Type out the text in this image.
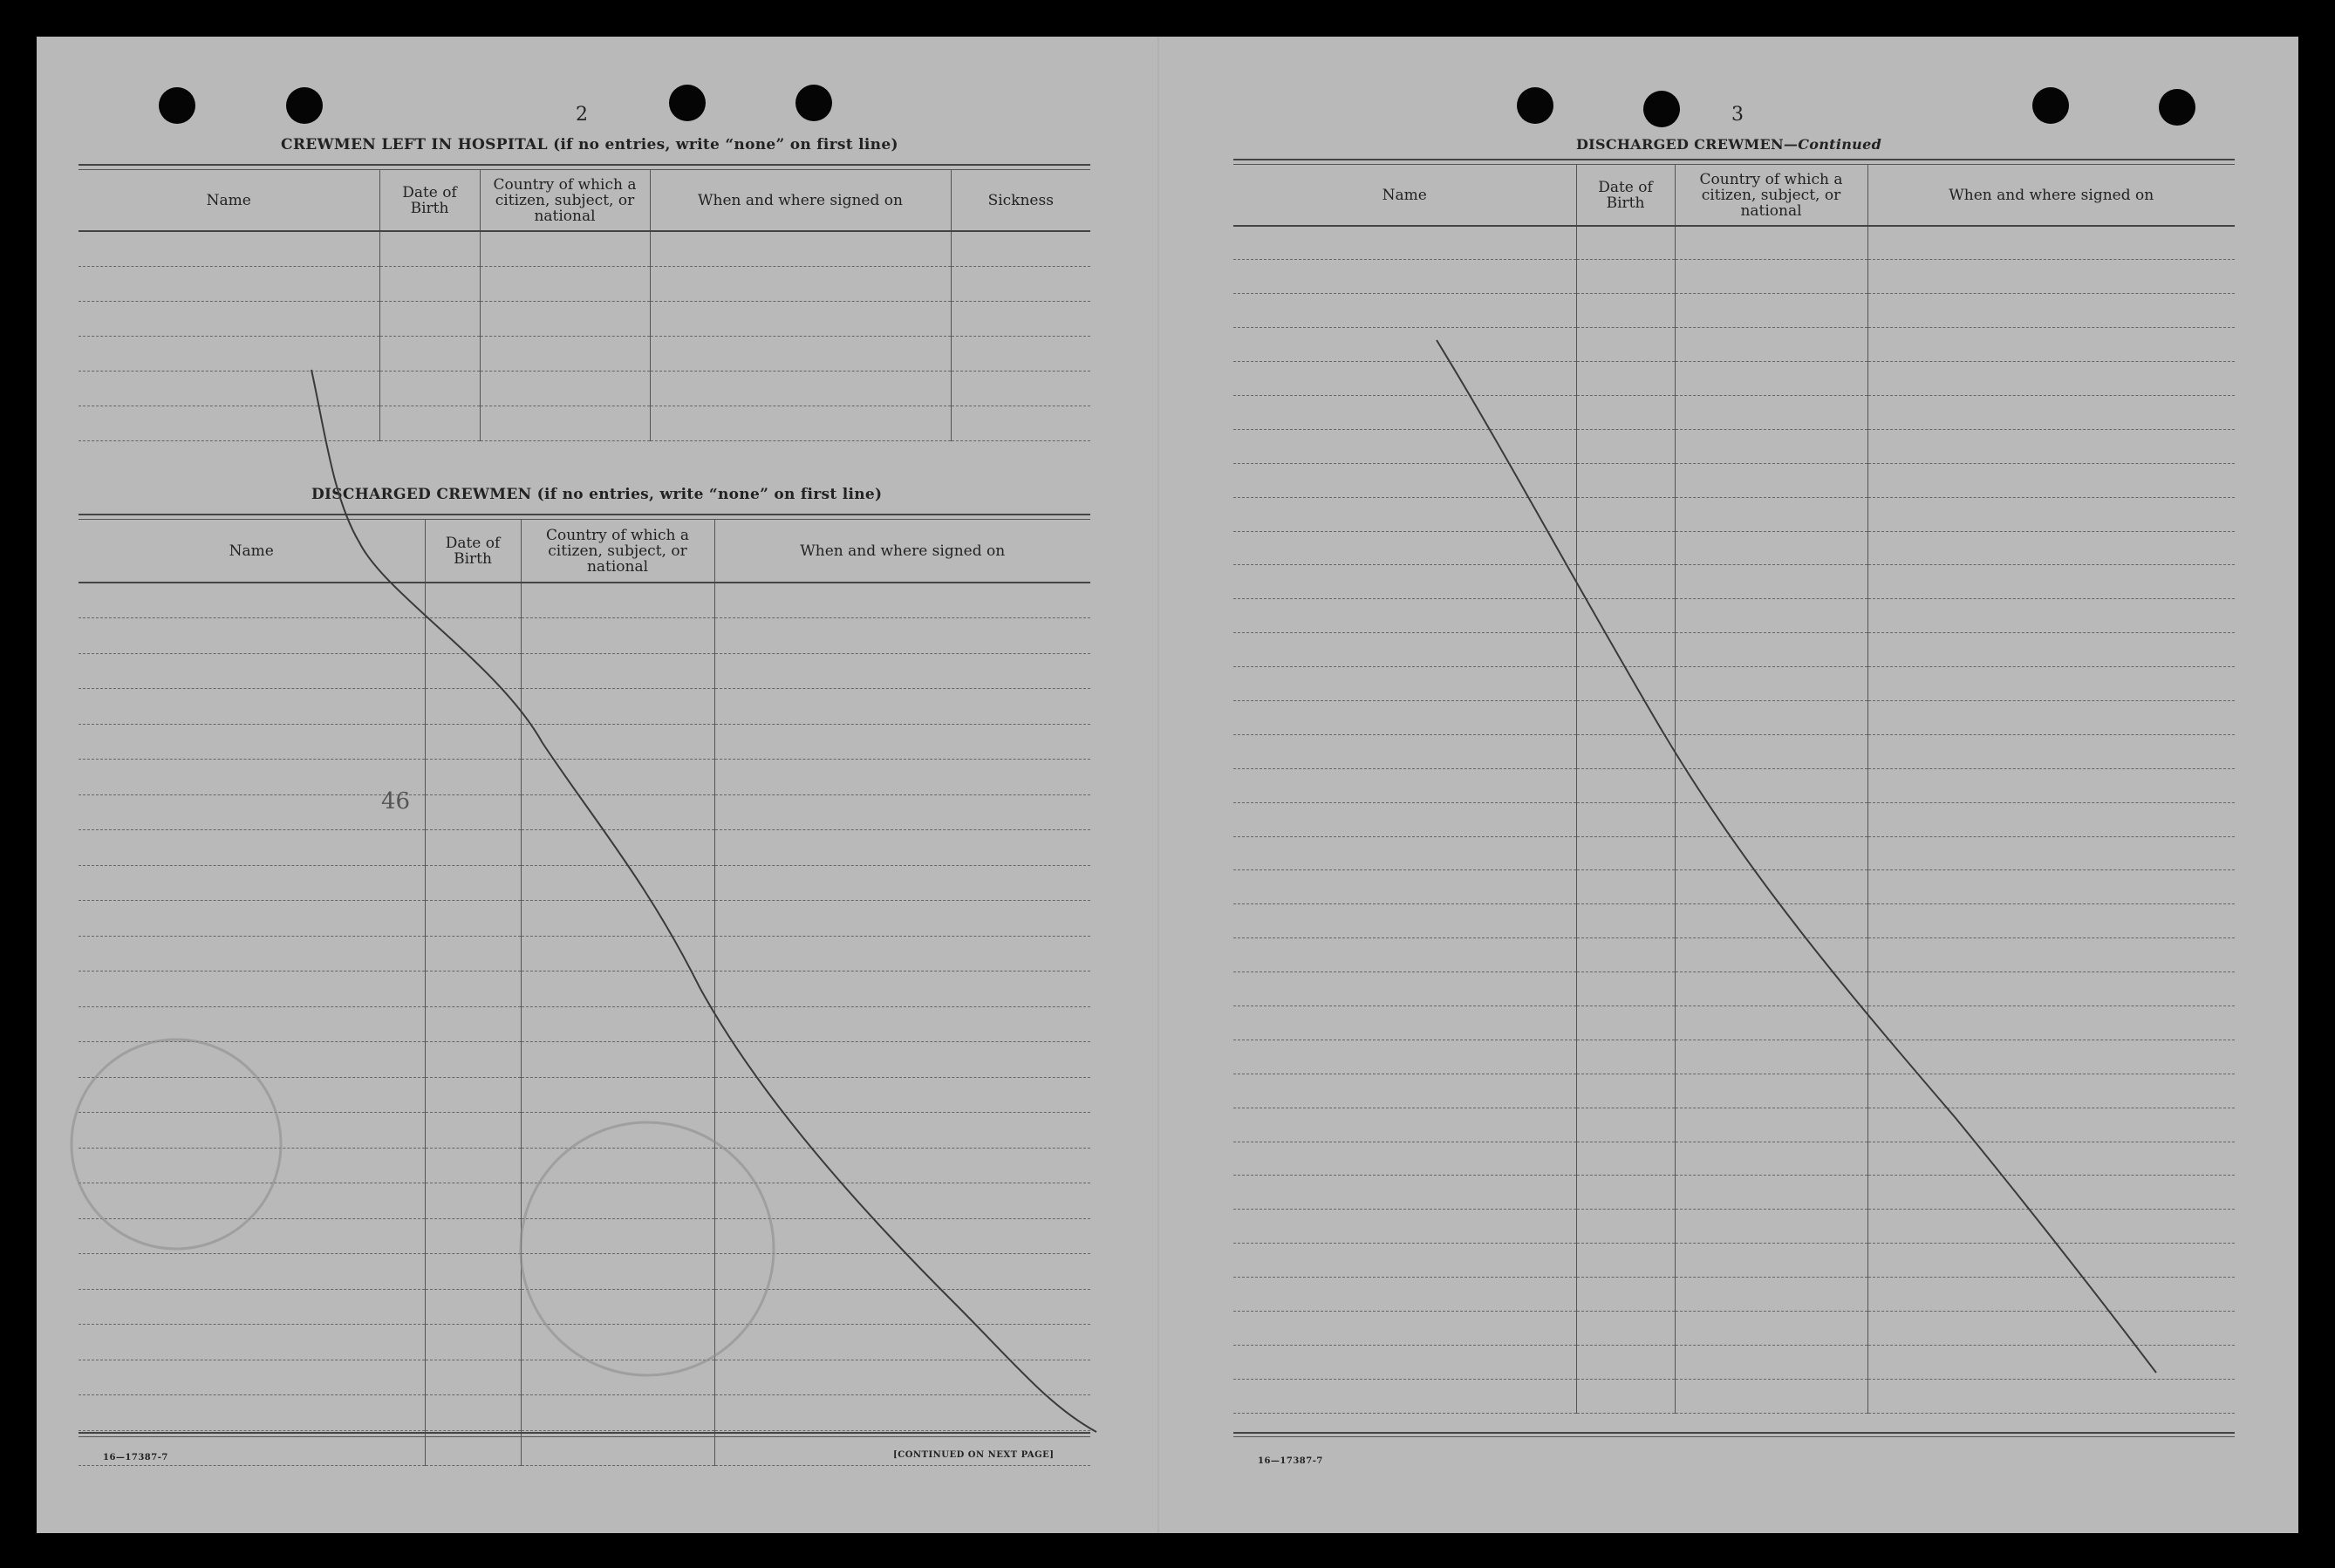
2
CREWMEN LEFT IN HOSPITAL (if no entries, write “none” on first line)
Name	Date of Birth	Country of which a citizen, subject, or national	When and where signed on	Sickness

DISCHARGED CREWMEN (if no entries, write “none” on first line)
Name	Date of Birth	Country of which a citizen, subject, or national	When and where signed on

16—17387-7	[CONTINUED ON NEXT PAGE]
46
3
DISCHARGED CREWMEN—Continued
Name	Date of Birth	Country of which a citizen, subject, or national	When and where signed on

16—17387-7
